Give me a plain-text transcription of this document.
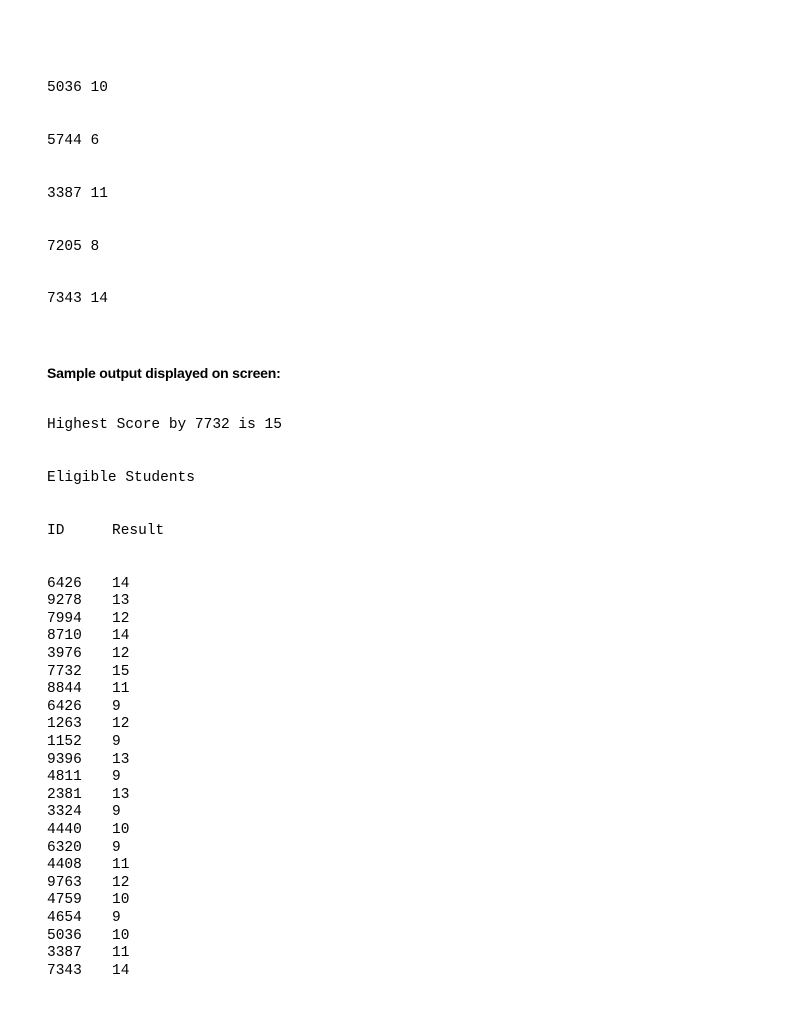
5036 10

5744 6

3387 11

7205 8

7343 14

Sample output displayed on screen:

Highest Score by 7732 is 15

Eligible Students

ID	Result

6426 14
9278 13
7994 12
8710 14
3976 12
7732 15
8844 11
6426 9
1263 12
1152 9
9396 13
4811 9
2381 13
3324 9
4440 10
6320 9
4408 11
9763 12
4759 10
4654 9
5036 10
3387 11
7343 14
